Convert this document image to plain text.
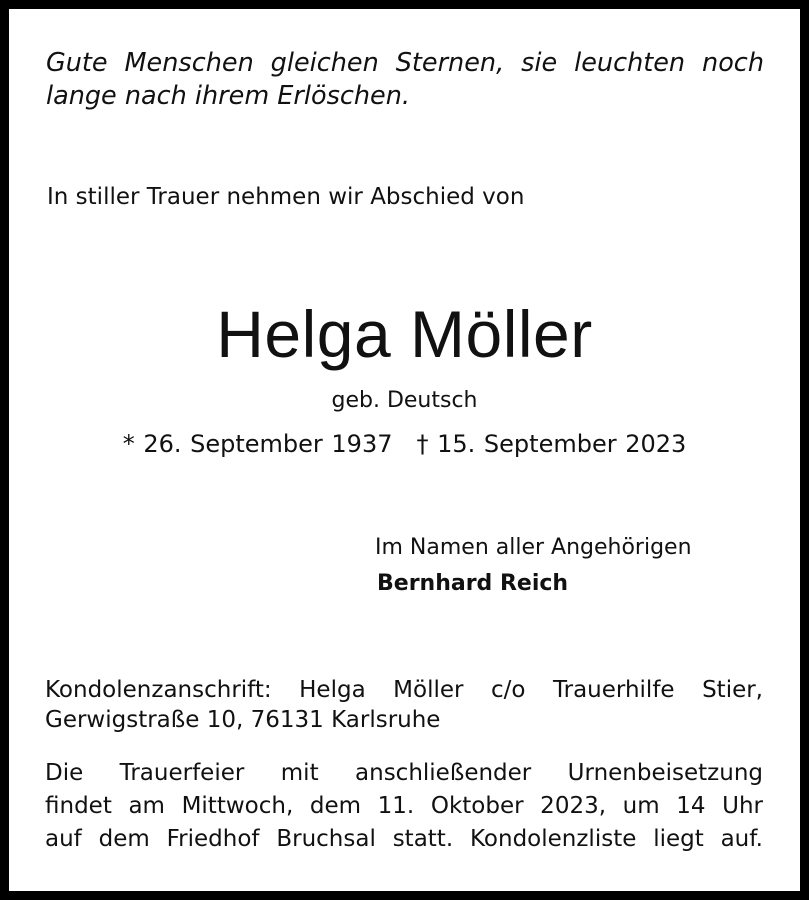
Gute Menschen gleichen Sternen, sie leuchten noch
lange nach ihrem Erlöschen.
In stiller Trauer nehmen wir Abschied von
Helga Möller
geb. Deutsch
* 26. September 1937 † 15. September 2023
Im Namen aller Angehörigen
Bernhard Reich
Kondolenzanschrift: Helga Möller c/o Trauerhilfe Stier,
Gerwigstraße 10, 76131 Karlsruhe
Die Trauerfeier mit anschließender Urnenbeisetzung
findet am Mittwoch, dem 11. Oktober 2023, um 14 Uhr
auf dem Friedhof Bruchsal statt. Kondolenzliste liegt auf.
